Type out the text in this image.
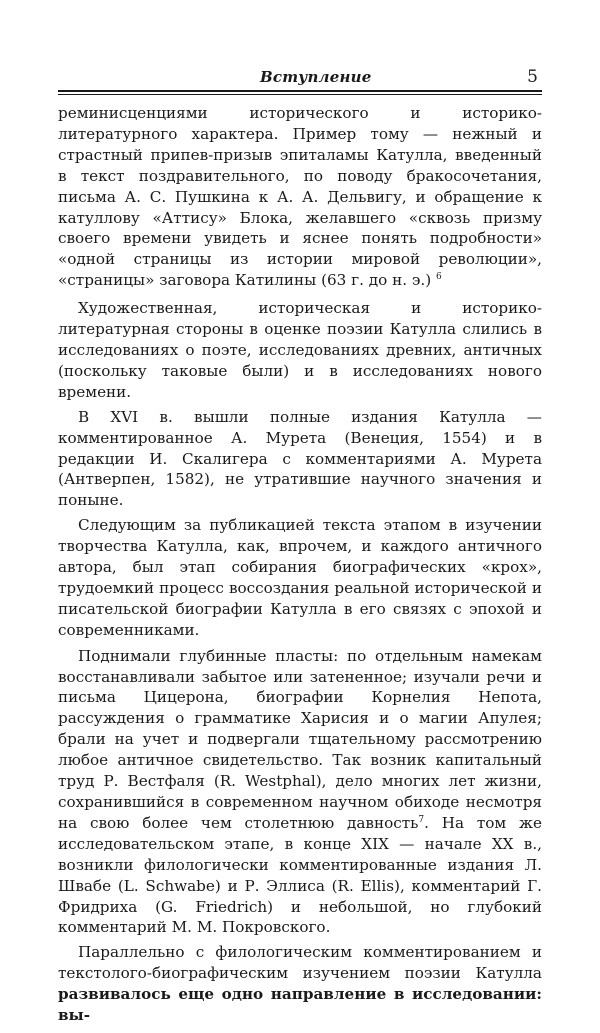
Вступление	5

реминисценциями исторического и историко-литературного характера. Пример тому — нежный и страстный припев-призыв эпиталамы Катулла, введенный в текст поздравительного, по поводу бракосочетания, письма А. С. Пушкина к А. А. Дельвигу, и обращение к катуллову «Аттису» Блока, желавшего «сквозь призму своего времени увидеть и яснее понять подробности» «одной страницы из истории мировой революции», «страницы» заговора Катилины (63 г. до н. э.) $^6$

Художественная, историческая и историко-литературная стороны в оценке поэзии Катулла слились в исследованиях о поэте, исследованиях древних, античных (поскольку таковые были) и в исследованиях нового времени.

В XVI в. вышли полные издания Катулла — комментированное А. Мурета (Венеция, 1554) и в редакции И. Скалигера с комментариями А. Мурета (Антверпен, 1582), не утратившие научного значения и поныне.

Следующим за публикацией текста этапом в изучении творчества Катулла, как, впрочем, и каждого античного автора, был этап собирания биографических «крох», трудоемкий процесс воссоздания реальной исторической и писательской биографии Катулла в его связях с эпохой и современниками.

Поднимали глубинные пласты: по отдельным намекам восстанавливали забытое или затененное; изучали речи и письма Цицерона, биографии Корнелия Непота, рассуждения о грамматике Харисия и о магии Апулея; брали на учет и подвергали тщательному рассмотрению любое античное свидетельство. Так возник капитальный труд Р. Вестфаля (R. Westphal), дело многих лет жизни, сохранившийся в современном научном обиходе несмотря на свою более чем столетнюю давность$^7$. На том же исследовательском этапе, в конце XIX — начале XX в., возникли филологически комментированные издания Л. Швабе (L. Schwabe) и Р. Эллиса (R. Ellis), комментарий Г. Фридриха (G. Friedrich) и небольшой, но глубокий комментарий М. М. Покровского.

Параллельно с филологическим комментированием и текстолого-биографическим изучением поэзии Катулла развивалось еще одно направление в исследовании: вы-
